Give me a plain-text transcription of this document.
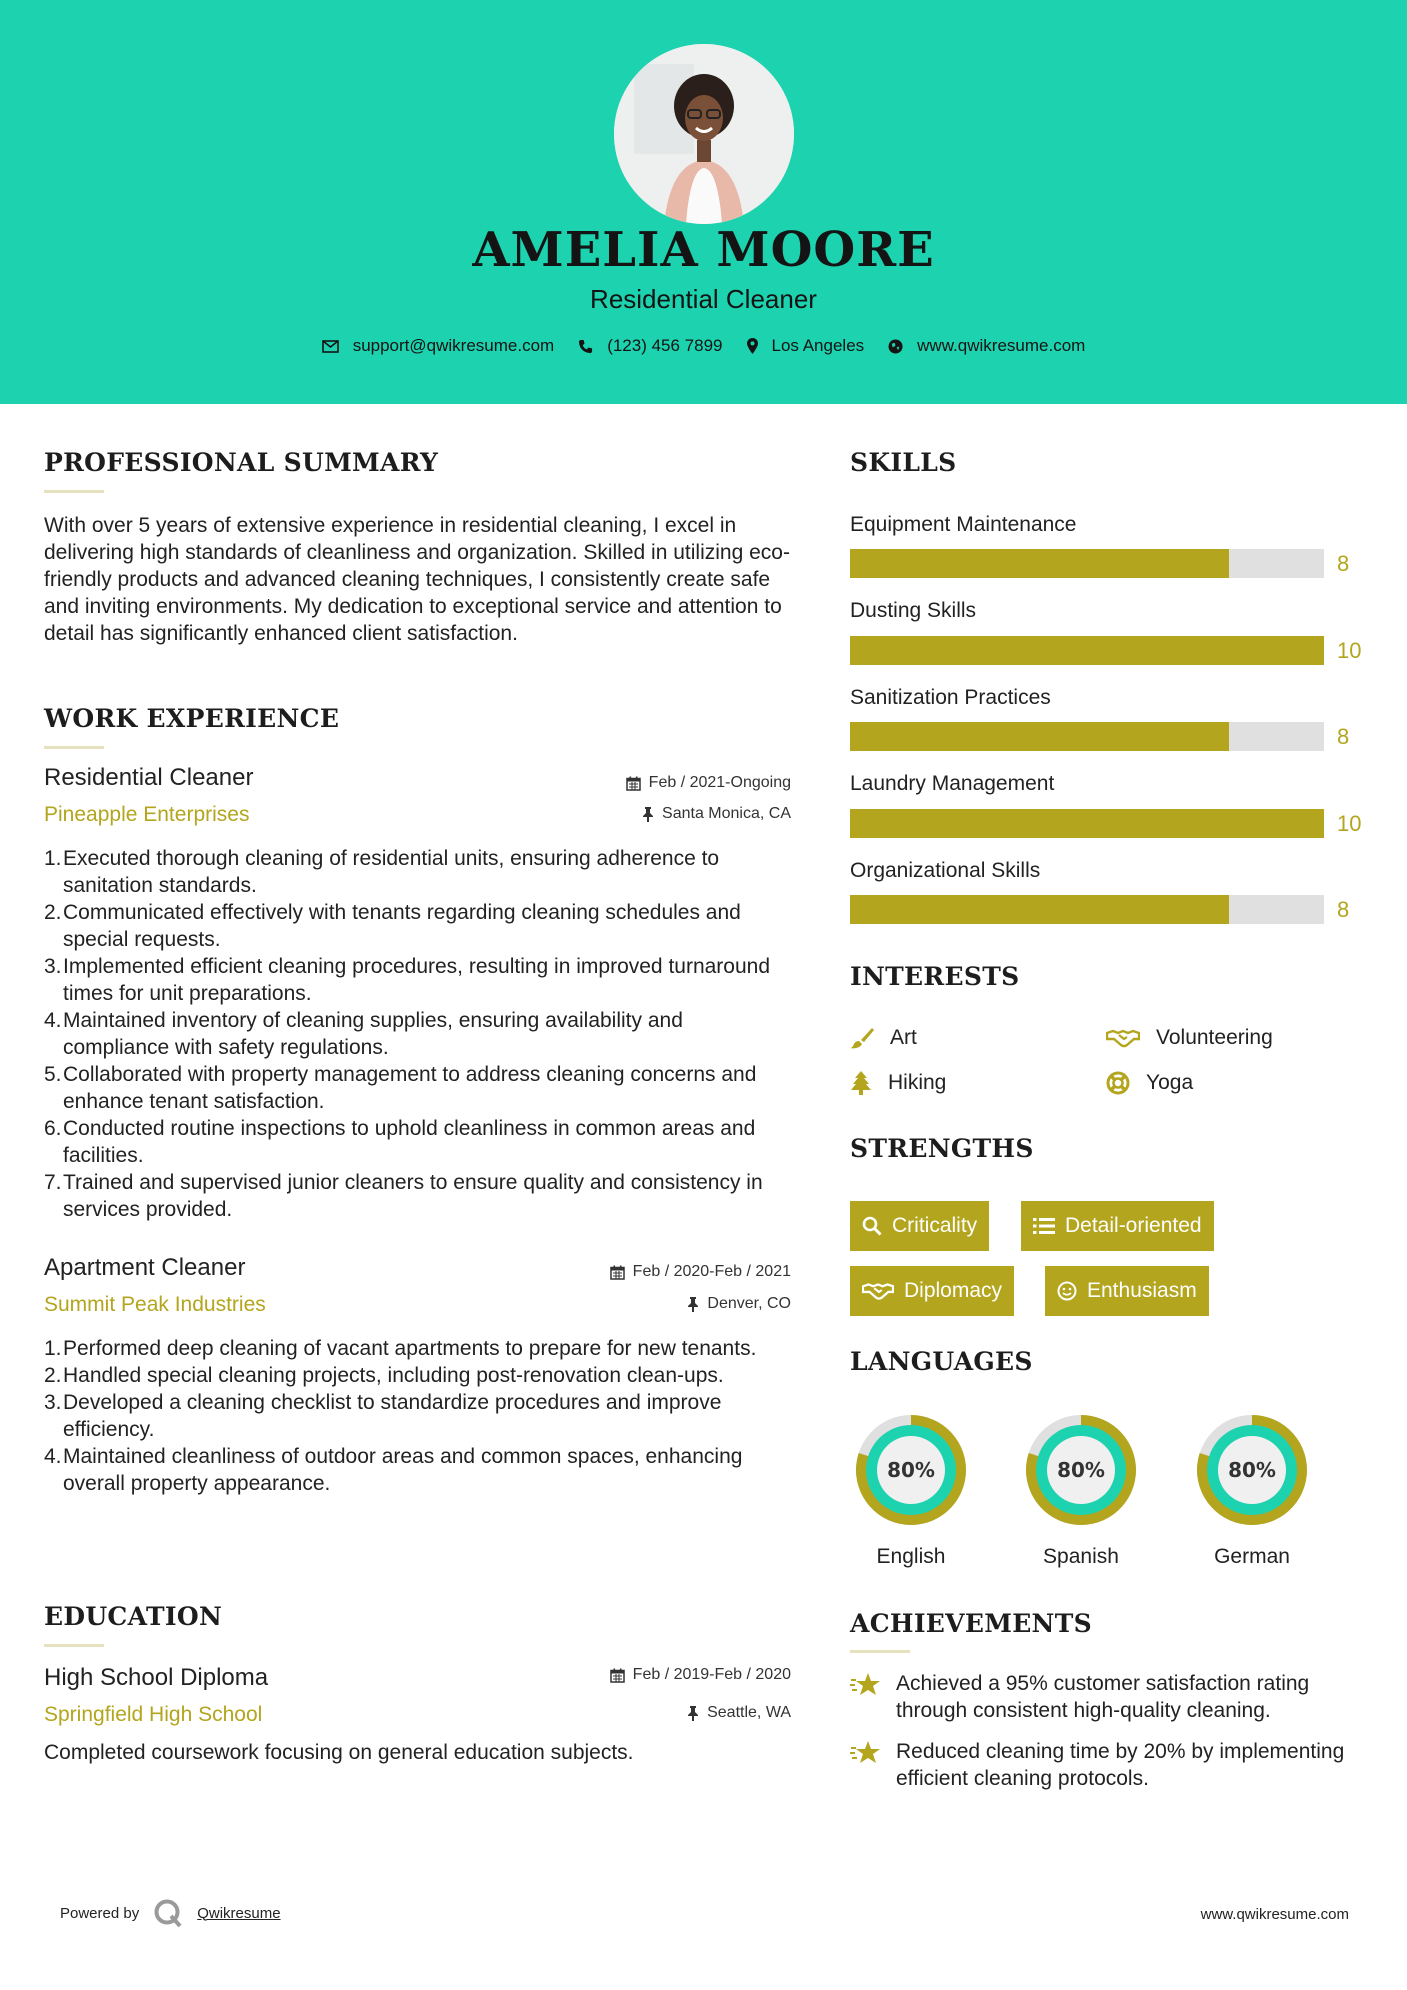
AMELIA MOORE
Residential Cleaner
support@qwikresume.com	(123) 456 7899	Los Angeles	www.qwikresume.com
PROFESSIONAL SUMMARY
With over 5 years of extensive experience in residential cleaning, I excel in delivering high standards of cleanliness and organization. Skilled in utilizing eco-friendly products and advanced cleaning techniques, I consistently create safe and inviting environments. My dedication to exceptional service and attention to detail has significantly enhanced client satisfaction.
WORK EXPERIENCE
Residential Cleaner
Pineapple Enterprises
Feb / 2021-Ongoing
Santa Monica, CA
1. Executed thorough cleaning of residential units, ensuring adherence to sanitation standards.
2. Communicated effectively with tenants regarding cleaning schedules and special requests.
3. Implemented efficient cleaning procedures, resulting in improved turnaround times for unit preparations.
4. Maintained inventory of cleaning supplies, ensuring availability and compliance with safety regulations.
5. Collaborated with property management to address cleaning concerns and enhance tenant satisfaction.
6. Conducted routine inspections to uphold cleanliness in common areas and facilities.
7. Trained and supervised junior cleaners to ensure quality and consistency in services provided.
Apartment Cleaner
Summit Peak Industries
Feb / 2020-Feb / 2021
Denver, CO
1. Performed deep cleaning of vacant apartments to prepare for new tenants.
2. Handled special cleaning projects, including post-renovation clean-ups.
3. Developed a cleaning checklist to standardize procedures and improve efficiency.
4. Maintained cleanliness of outdoor areas and common spaces, enhancing overall property appearance.
EDUCATION
High School Diploma
Springfield High School
Feb / 2019-Feb / 2020
Seattle, WA
Completed coursework focusing on general education subjects.
SKILLS
Equipment Maintenance
8
Dusting Skills
10
Sanitization Practices
8
Laundry Management
10
Organizational Skills
8
INTERESTS
Art	Volunteering
Hiking	Yoga
STRENGTHS
Criticality	Detail-oriented
Diplomacy	Enthusiasm
LANGUAGES
80%
English
80%
Spanish
80%
German
ACHIEVEMENTS
Achieved a 95% customer satisfaction rating through consistent high-quality cleaning.
Reduced cleaning time by 20% by implementing efficient cleaning protocols.
Powered by	Qwikresume	www.qwikresume.com
